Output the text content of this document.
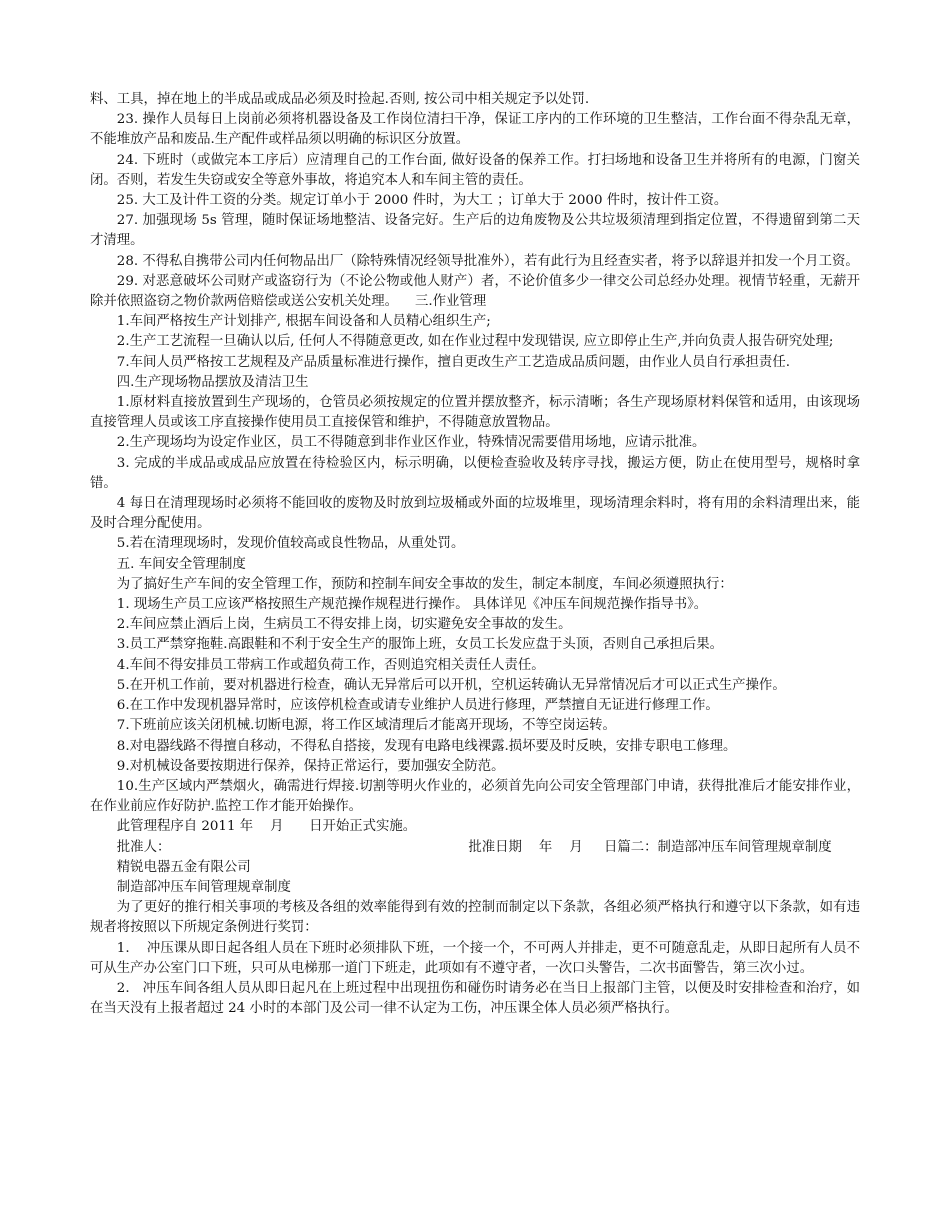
料、工具，掉在地上的半成品或成品必须及时捡起.否则, 按公司中相关规定予以处罚.

23. 操作人员每日上岗前必须将机器设备及工作岗位清扫干净，保证工序内的工作环境的卫生整洁，工作台面不得杂乱无章，不能堆放产品和废品.生产配件或样品须以明确的标识区分放置。

24. 下班时（或做完本工序后）应清理自己的工作台面, 做好设备的保养工作。打扫场地和设备卫生并将所有的电源，门窗关闭。否则，若发生失窃或安全等意外事故，将追究本人和车间主管的责任。

25. 大工及计件工资的分类。规定订单小于 2000 件时，为大工 ；订单大于 2000 件时，按计件工资。

27. 加强现场 5s 管理，随时保证场地整洁、设备完好。生产后的边角废物及公共垃圾须清理到指定位置，不得遗留到第二天才清理。

28. 不得私自携带公司内任何物品出厂（除特殊情况经领导批准外），若有此行为且经查实者，将予以辞退并扣发一个月工资。

29. 对恶意破坏公司财产或盗窃行为（不论公物或他人财产）者，不论价值多少一律交公司总经办处理。视情节轻重，无薪开除并依照盗窃之物价款两倍赔偿或送公安机关处理。    三.作业管理

1.车间严格按生产计划排产, 根据车间设备和人员精心组织生产;

2.生产工艺流程一旦确认以后, 任何人不得随意更改, 如在作业过程中发现错误, 应立即停止生产,并向负责人报告研究处理;

7.车间人员严格按工艺规程及产品质量标准进行操作，擅自更改生产工艺造成品质问题，由作业人员自行承担责任.

四.生产现场物品摆放及清洁卫生

1.原材料直接放置到生产现场的，仓管员必须按规定的位置并摆放整齐，标示清晰；各生产现场原材料保管和适用，由该现场直接管理人员或该工序直接操作使用员工直接保管和维护，不得随意放置物品。

2.生产现场均为设定作业区，员工不得随意到非作业区作业，特殊情况需要借用场地，应请示批准。

3. 完成的半成品或成品应放置在待检验区内，标示明确，以便检查验收及转序寻找，搬运方便，防止在使用型号，规格时拿错。

4 每日在清理现场时必须将不能回收的废物及时放到垃圾桶或外面的垃圾堆里，现场清理余料时，将有用的余料清理出来，能及时合理分配使用。

5.若在清理现场时，发现价值较高或良性物品，从重处罚。

五. 车间安全管理制度

为了搞好生产车间的安全管理工作，预防和控制车间安全事故的发生，制定本制度，车间必须遵照执行：

1. 现场生产员工应该严格按照生产规范操作规程进行操作。 具体详见《冲压车间规范操作指导书》。

2.车间应禁止酒后上岗，生病员工不得安排上岗，切实避免安全事故的发生。

3.员工严禁穿拖鞋.高跟鞋和不利于安全生产的服饰上班，女员工长发应盘于头顶，否则自己承担后果。

4.车间不得安排员工带病工作或超负荷工作，否则追究相关责任人责任。

5.在开机工作前，要对机器进行检查，确认无异常后可以开机，空机运转确认无异常情况后才可以正式生产操作。

6.在工作中发现机器异常时，应该停机检查或请专业维护人员进行修理，严禁擅自无证进行修理工作。

7.下班前应该关闭机械.切断电源，将工作区域清理后才能离开现场，不等空岗运转。

8.对电器线路不得擅自移动，不得私自搭接，发现有电路电线裸露.损坏要及时反映，安排专职电工修理。

9.对机械设备要按期进行保养，保持正常运行，要加强安全防范。

10.生产区域内严禁烟火，确需进行焊接.切割等明火作业的，必须首先向公司安全管理部门申请，获得批准后才能安排作业，在作业前应作好防护.监控工作才能开始操作。

此管理程序自 2011 年    月      日开始正式实施。

批准人：                                                                      批准日期    年    月     日篇二：制造部冲压车间管理规章制度

精锐电器五金有限公司

制造部冲压车间管理规章制度

为了更好的推行相关事项的考核及各组的效率能得到有效的控制而制定以下条款，各组必须严格执行和遵守以下条款，如有违规者将按照以下所规定条例进行奖罚：

1.    冲压课从即日起各组人员在下班时必须排队下班，一个接一个，不可两人并排走，更不可随意乱走，从即日起所有人员不可从生产办公室门口下班，只可从电梯那一道门下班走，此项如有不遵守者，一次口头警告，二次书面警告，第三次小过。

2.   冲压车间各组人员从即日起凡在上班过程中出现扭伤和碰伤时请务必在当日上报部门主管，以便及时安排检查和治疗，如在当天没有上报者超过 24 小时的本部门及公司一律不认定为工伤，冲压课全体人员必须严格执行。
